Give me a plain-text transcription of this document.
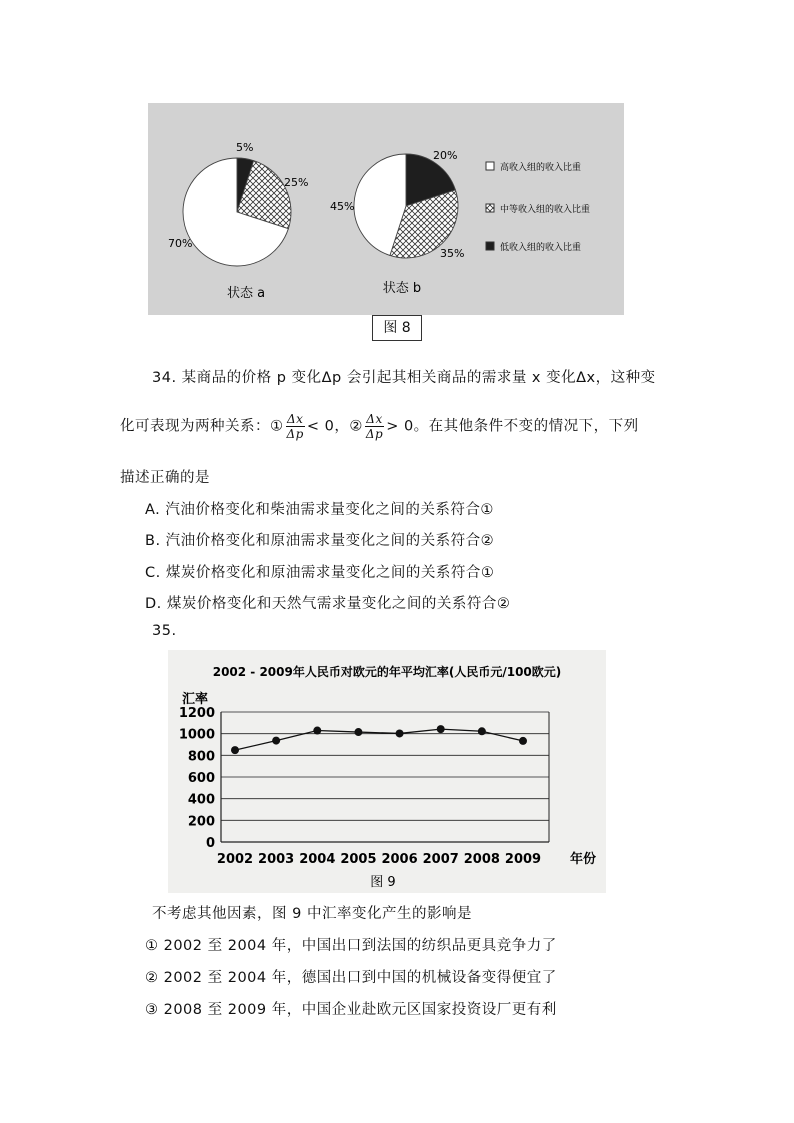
70%
25%
5%
45%
35%
20%
状态 a	状态 b
高收入组的收入比重
中等收入组的收入比重
低收入组的收入比重
图 8
34. 某商品的价格 p 变化Δp 会引起其相关商品的需求量 x 变化Δx，这种变
化可表现为两种关系：① $\frac{\Delta x}{\Delta p} < 0$，② $\frac{\Delta x}{\Delta p} > 0$。在其他条件不变的情况下，下列
描述正确的是
A. 汽油价格变化和柴油需求量变化之间的关系符合①
B. 汽油价格变化和原油需求量变化之间的关系符合②
C. 煤炭价格变化和原油需求量变化之间的关系符合①
D. 煤炭价格变化和天然气需求量变化之间的关系符合②
35.
2002 - 2009年人民币对欧元的年平均汇率(人民币元/100欧元)
汇率
0
200
400
600
800
1000
1200
2002 2003 2004 2005 2006 2007 2008 2009 年份
图 9
不考虑其他因素，图 9 中汇率变化产生的影响是
① 2002 至 2004 年，中国出口到法国的纺织品更具竞争力了
② 2002 至 2004 年，德国出口到中国的机械设备变得便宜了
③ 2008 至 2009 年，中国企业赴欧元区国家投资设厂更有利
